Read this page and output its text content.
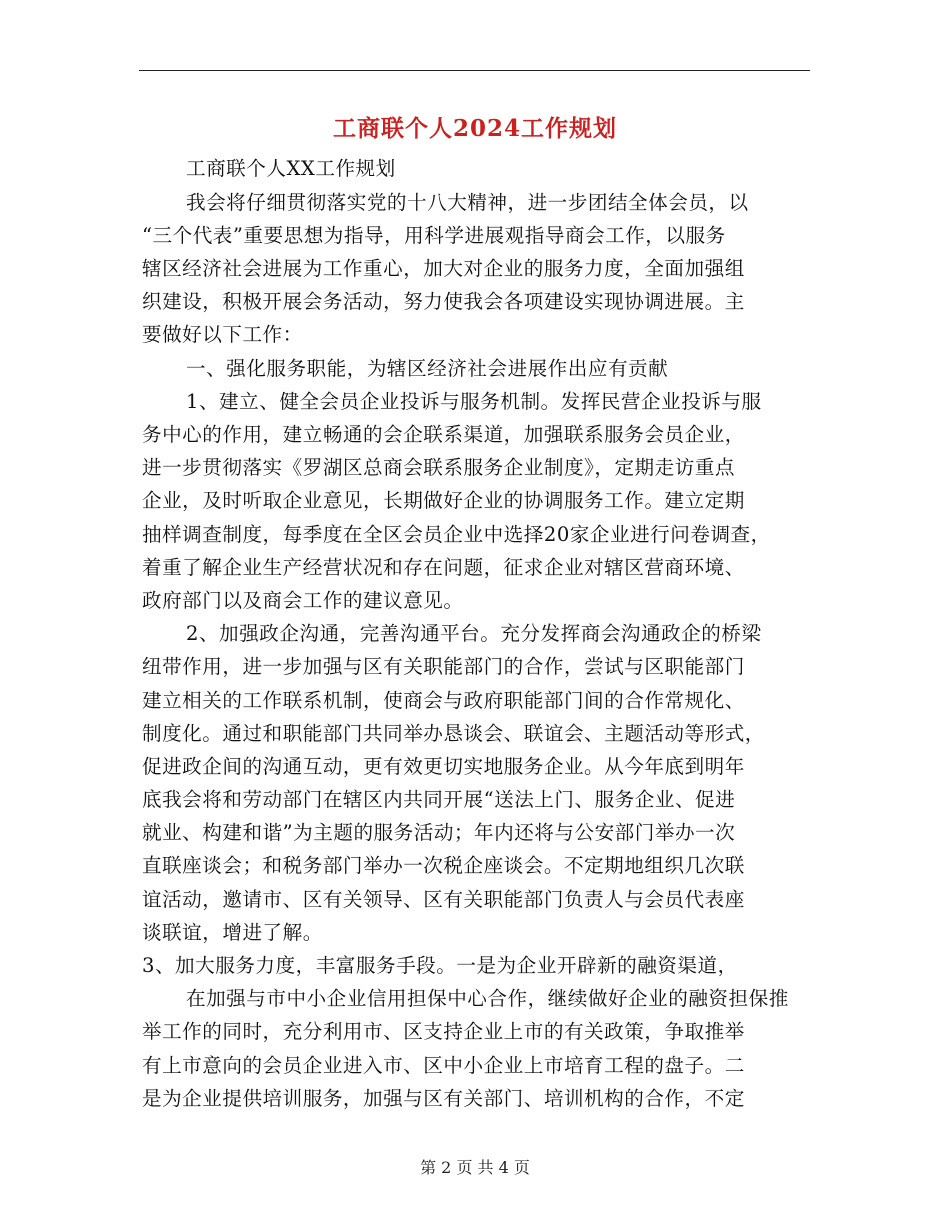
工商联个人2024工作规划
工商联个人XX工作规划
我会将仔细贯彻落实党的十八大精神，进一步团结全体会员，以
“三个代表”重要思想为指导，用科学进展观指导商会工作，以服务
辖区经济社会进展为工作重心，加大对企业的服务力度，全面加强组
织建设，积极开展会务活动，努力使我会各项建设实现协调进展。主
要做好以下工作：
一、强化服务职能，为辖区经济社会进展作出应有贡献
1、建立、健全会员企业投诉与服务机制。发挥民营企业投诉与服
务中心的作用，建立畅通的会企联系渠道，加强联系服务会员企业，
进一步贯彻落实《罗湖区总商会联系服务企业制度》，定期走访重点
企业，及时听取企业意见，长期做好企业的协调服务工作。建立定期
抽样调查制度，每季度在全区会员企业中选择20家企业进行问卷调查，
着重了解企业生产经营状况和存在问题，征求企业对辖区营商环境、
政府部门以及商会工作的建议意见。
2、加强政企沟通，完善沟通平台。充分发挥商会沟通政企的桥梁
纽带作用，进一步加强与区有关职能部门的合作，尝试与区职能部门
建立相关的工作联系机制，使商会与政府职能部门间的合作常规化、
制度化。通过和职能部门共同举办恳谈会、联谊会、主题活动等形式，
促进政企间的沟通互动，更有效更切实地服务企业。从今年底到明年
底我会将和劳动部门在辖区内共同开展“送法上门、服务企业、促进
就业、构建和谐”为主题的服务活动；年内还将与公安部门举办一次
直联座谈会；和税务部门举办一次税企座谈会。不定期地组织几次联
谊活动，邀请市、区有关领导、区有关职能部门负责人与会员代表座
谈联谊，增进了解。
3、加大服务力度，丰富服务手段。一是为企业开辟新的融资渠道，
在加强与市中小企业信用担保中心合作，继续做好企业的融资担保推
举工作的同时，充分利用市、区支持企业上市的有关政策，争取推举
有上市意向的会员企业进入市、区中小企业上市培育工程的盘子。二
是为企业提供培训服务，加强与区有关部门、培训机构的合作，不定
第 2 页 共 4 页
